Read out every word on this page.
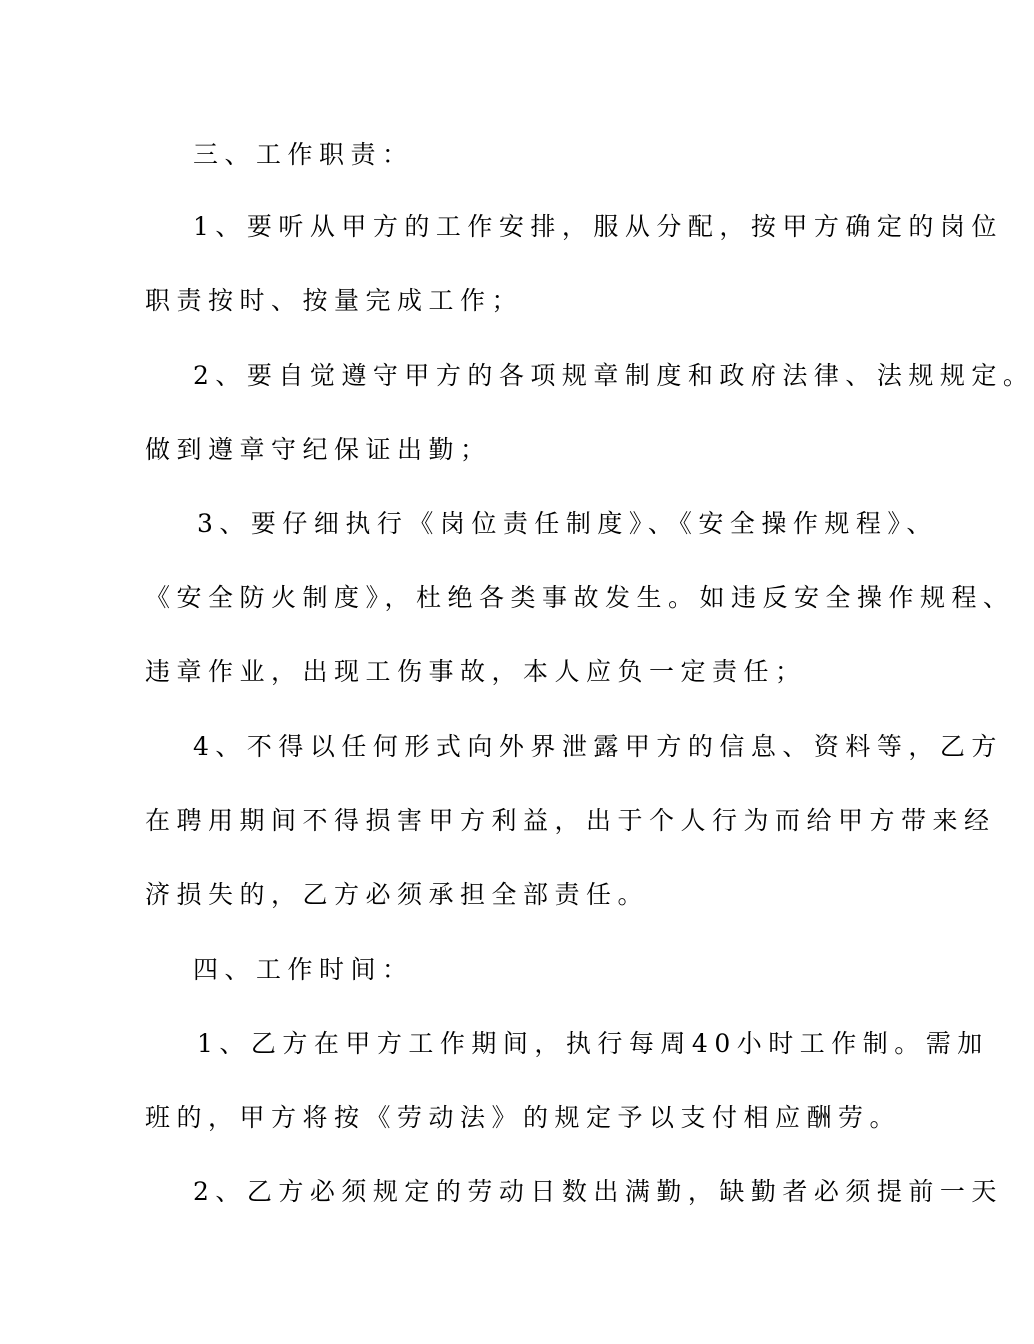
三、工作职责：
1、要听从甲方的工作安排，服从分配，按甲方确定的岗位
职责按时、按量完成工作；
2、要自觉遵守甲方的各项规章制度和政府法律、法规规定。
做到遵章守纪保证出勤；
3、要仔细执行《岗位责任制度》、《安全操作规程》、
《安全防火制度》，杜绝各类事故发生。如违反安全操作规程、
违章作业，出现工伤事故，本人应负一定责任；
4、不得以任何形式向外界泄露甲方的信息、资料等，乙方
在聘用期间不得损害甲方利益，出于个人行为而给甲方带来经
济损失的，乙方必须承担全部责任。
四、工作时间：
1、乙方在甲方工作期间，执行每周40小时工作制。需加
班的，甲方将按《劳动法》的规定予以支付相应酬劳。
2、乙方必须规定的劳动日数出满勤，缺勤者必须提前一天
